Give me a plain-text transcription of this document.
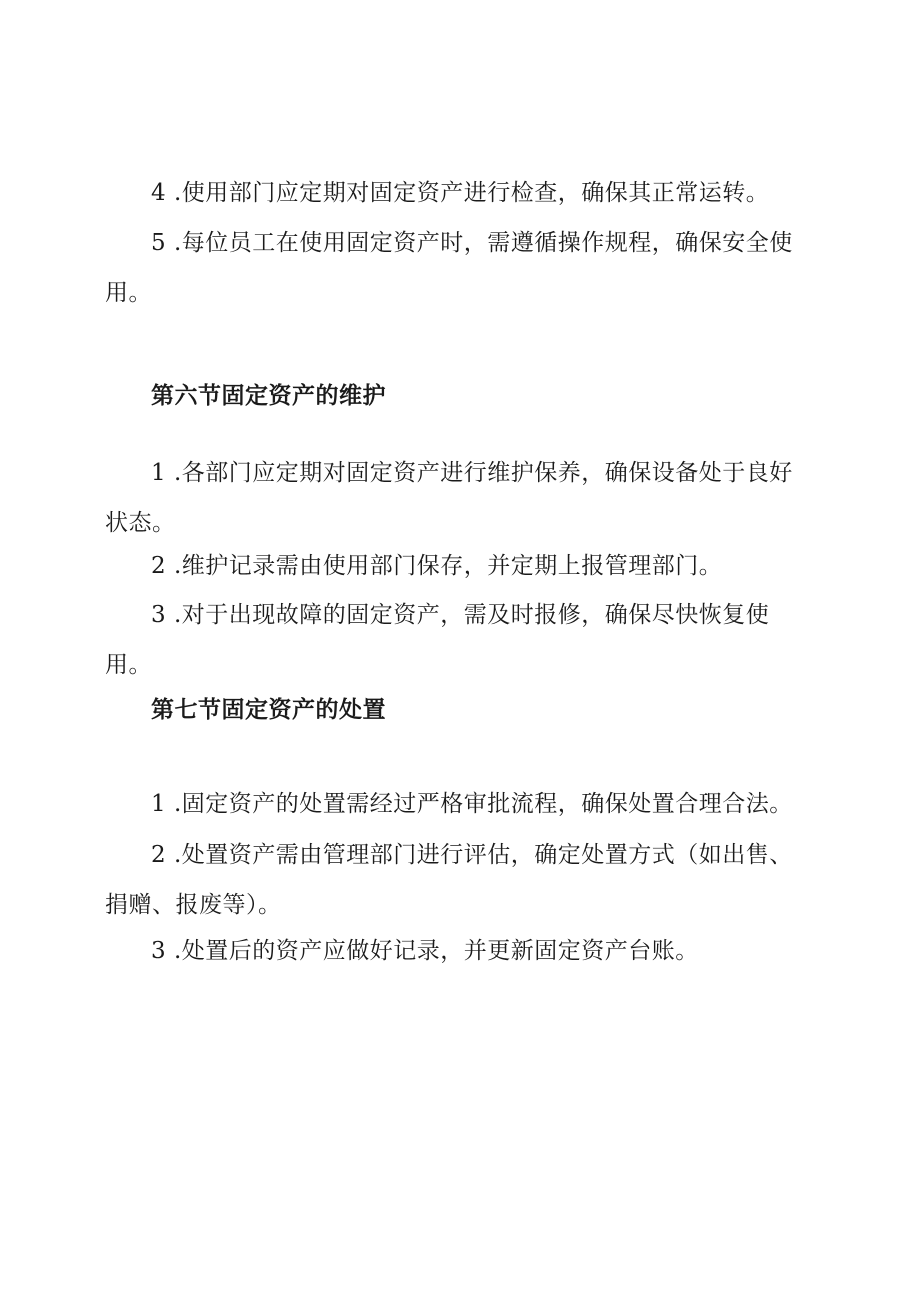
4 .使用部门应定期对固定资产进行检查，确保其正常运转。

5 .每位员工在使用固定资产时，需遵循操作规程，确保安全使用。

第六节固定资产的维护

1 .各部门应定期对固定资产进行维护保养，确保设备处于良好状态。

2 .维护记录需由使用部门保存，并定期上报管理部门。

3 .对于出现故障的固定资产，需及时报修，确保尽快恢复使用。

第七节固定资产的处置

1 .固定资产的处置需经过严格审批流程，确保处置合理合法。

2 .处置资产需由管理部门进行评估，确定处置方式（如出售、捐赠、报废等）。

3 .处置后的资产应做好记录，并更新固定资产台账。
